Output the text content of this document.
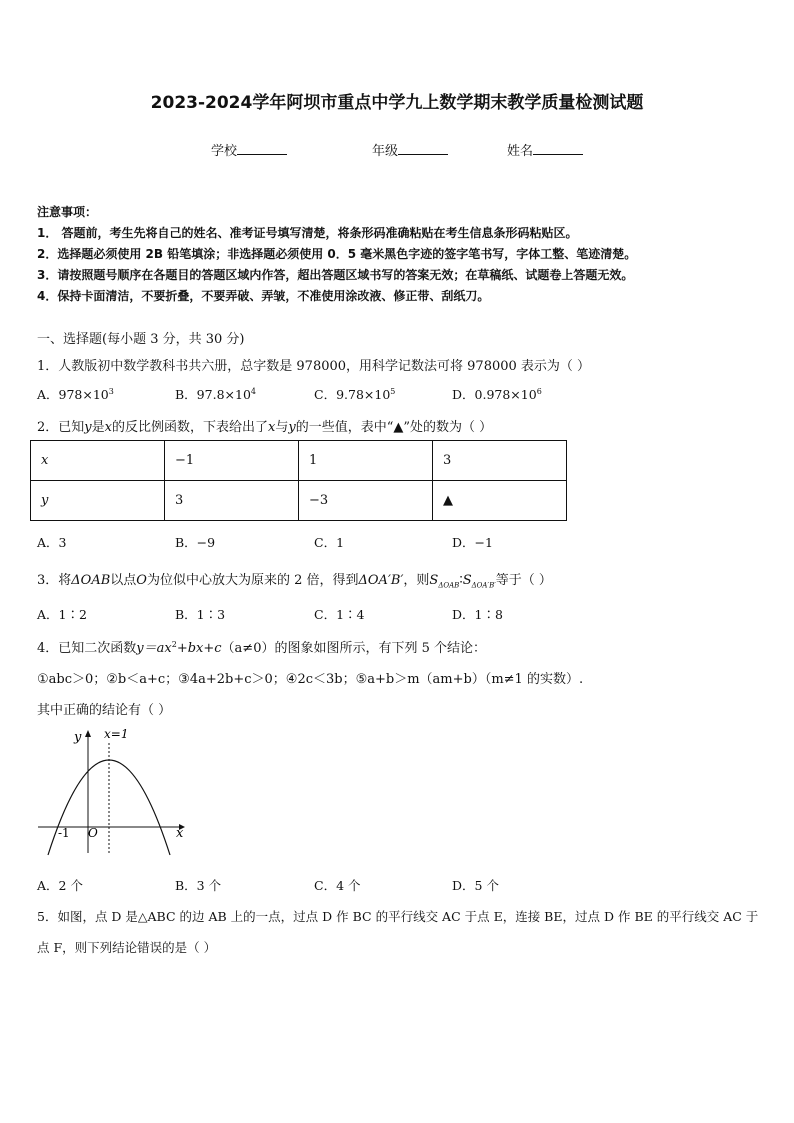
2023-2024学年阿坝市重点中学九上数学期末教学质量检测试题
学校	年级	姓名
注意事项：
1． 答题前，考生先将自己的姓名、准考证号填写清楚，将条形码准确粘贴在考生信息条形码粘贴区。
2．选择题必须使用 2B 铅笔填涂；非选择题必须使用 0．5 毫米黑色字迹的签字笔书写，字体工整、笔迹清楚。
3．请按照题号顺序在各题目的答题区域内作答，超出答题区域书写的答案无效；在草稿纸、试题卷上答题无效。
4．保持卡面清洁，不要折叠，不要弄破、弄皱，不准使用涂改液、修正带、刮纸刀。
一、选择题(每小题 3 分，共 30 分)
1．人教版初中数学教科书共六册，总字数是 978000，用科学记数法可将 978000 表示为（ ）
A．$978\times 10^3$	B．$97.8\times 10^4$	C．$9.78\times 10^5$	D．$0.978\times 10^6$
2．已知y是x的反比例函数，下表给出了x与y的一些值，表中“▲”处的数为（ ）
x	−1	1	3
y	3	−3	▲
A．3	B．−9	C．1	D．−1
3．将ΔOAB以点O为位似中心放大为原来的 2 倍，得到ΔOA′B′，则$S_{\Delta OAB}∶S_{\Delta OA'B'}$等于（ ）
A．1∶2	B．1∶3	C．1∶4	D．1∶8
4．已知二次函数$y=ax^2+bx+c(a\ne 0)$的图象如图所示，有下列 5 个结论：
①abc＞0；②b＜a+c；③4a+2b+c＞0；④2c＜3b；⑤a+b＞m（am+b）（m≠1 的实数）.
其中正确的结论有（ ）
y
x
x=1
O
-1
A．2 个	B．3 个	C．4 个	D．5 个
5．如图，点 D 是△ABC 的边 AB 上的一点，过点 D 作 BC 的平行线交 AC 于点 E，连接 BE，过点 D 作 BE 的平行线交 AC 于
点 F，则下列结论错误的是（ ）
